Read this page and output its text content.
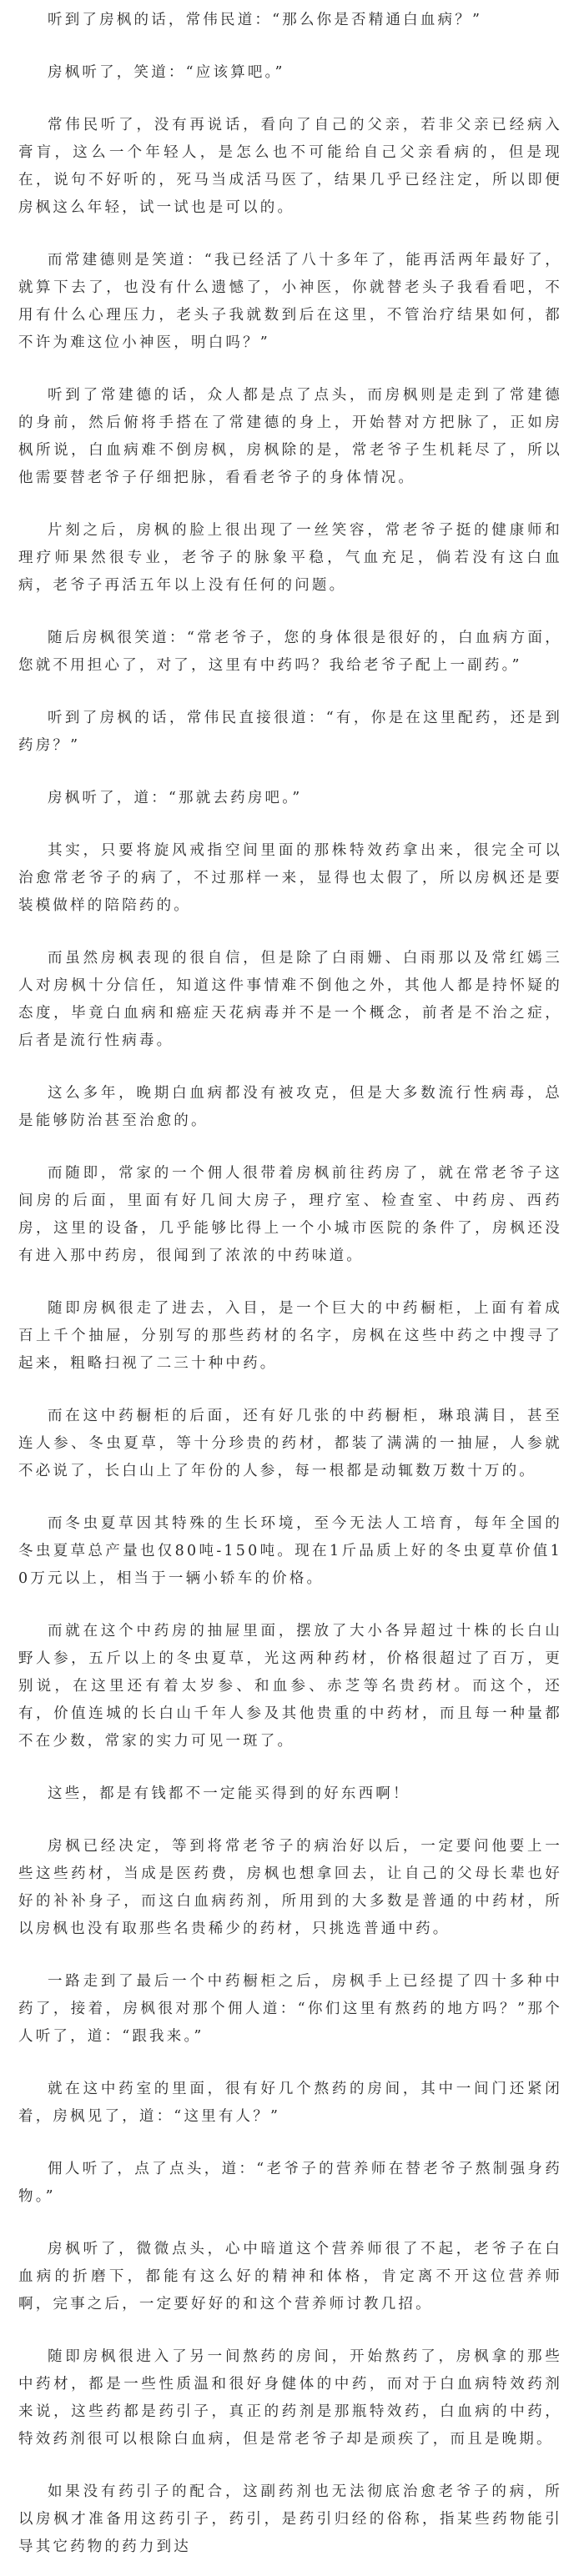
听到了房枫的话，常伟民道：“那么你是否精通白血病？”

房枫听了，笑道：“应该算吧。”

常伟民听了，没有再说话，看向了自己的父亲，若非父亲已经病入膏肓，这么一个年轻人，是怎么也不可能给自己父亲看病的，但是现在，说句不好听的，死马当成活马医了，结果几乎已经注定，所以即便房枫这么年轻，试一试也是可以的。

而常建德则是笑道：“我已经活了八十多年了，能再活两年最好了，就算下去了，也没有什么遗憾了，小神医，你就替老头子我看看吧，不用有什么心理压力，老头子我就数到后在这里，不管治疗结果如何，都不许为难这位小神医，明白吗？”

听到了常建德的话，众人都是点了点头，而房枫则是走到了常建德的身前，然后俯将手搭在了常建德的身上，开始替对方把脉了，正如房枫所说，白血病难不倒房枫，房枫除的是，常老爷子生机耗尽了，所以他需要替老爷子仔细把脉，看看老爷子的身体情况。

片刻之后，房枫的脸上很出现了一丝笑容，常老爷子挺的健康师和理疗师果然很专业，老爷子的脉象平稳，气血充足，倘若没有这白血病，老爷子再活五年以上没有任何的问题。

随后房枫很笑道：“常老爷子，您的身体很是很好的，白血病方面，您就不用担心了，对了，这里有中药吗？我给老爷子配上一副药。”

听到了房枫的话，常伟民直接很道：“有，你是在这里配药，还是到药房？”

房枫听了，道：“那就去药房吧。”

其实，只要将旋风戒指空间里面的那株特效药拿出来，很完全可以治愈常老爷子的病了，不过那样一来，显得也太假了，所以房枫还是要装模做样的陪陪药的。

而虽然房枫表现的很自信，但是除了白雨姗、白雨那以及常红嫣三人对房枫十分信任，知道这件事情难不倒他之外，其他人都是持怀疑的态度，毕竟白血病和癌症天花病毒并不是一个概念，前者是不治之症，后者是流行性病毒。

这么多年，晚期白血病都没有被攻克，但是大多数流行性病毒，总是能够防治甚至治愈的。

而随即，常家的一个佣人很带着房枫前往药房了，就在常老爷子这间房的后面，里面有好几间大房子，理疗室、检查室、中药房、西药房，这里的设备，几乎能够比得上一个小城市医院的条件了，房枫还没有进入那中药房，很闻到了浓浓的中药味道。

随即房枫很走了进去，入目，是一个巨大的中药橱柜，上面有着成百上千个抽屉，分别写的那些药材的名字，房枫在这些中药之中搜寻了起来，粗略扫视了二三十种中药。

而在这中药橱柜的后面，还有好几张的中药橱柜，琳琅满目，甚至连人参、冬虫夏草，等十分珍贵的药材，都装了满满的一抽屉，人参就不必说了，长白山上了年份的人参，每一根都是动辄数万数十万的。

而冬虫夏草因其特殊的生长环境，至今无法人工培育，每年全国的冬虫夏草总产量也仅80吨-150吨。现在1斤品质上好的冬虫夏草价值10万元以上，相当于一辆小轿车的价格。

而就在这个中药房的抽屉里面，摆放了大小各异超过十株的长白山野人参，五斤以上的冬虫夏草，光这两种药材，价格很超过了百万，更别说，在这里还有着太岁参、和血参、赤芝等名贵药材。而这个，还有，价值连城的长白山千年人参及其他贵重的中药材，而且每一种量都不在少数，常家的实力可见一斑了。

这些，都是有钱都不一定能买得到的好东西啊！

房枫已经决定，等到将常老爷子的病治好以后，一定要问他要上一些这些药材，当成是医药费，房枫也想拿回去，让自己的父母长辈也好好的补补身子，而这白血病药剂，所用到的大多数是普通的中药材，所以房枫也没有取那些名贵稀少的药材，只挑选普通中药。

一路走到了最后一个中药橱柜之后，房枫手上已经提了四十多种中药了，接着，房枫很对那个佣人道：“你们这里有熬药的地方吗？”那个人听了，道：“跟我来。”

就在这中药室的里面，很有好几个熬药的房间，其中一间门还紧闭着，房枫见了，道：“这里有人？”

佣人听了，点了点头，道：“老爷子的营养师在替老爷子熬制强身药物。”

房枫听了，微微点头，心中暗道这个营养师很了不起，老爷子在白血病的折磨下，都能有这么好的精神和体格，肯定离不开这位营养师啊，完事之后，一定要好好的和这个营养师讨教几招。

随即房枫很进入了另一间熬药的房间，开始熬药了，房枫拿的那些中药材，都是一些性质温和很好身健体的中药，而对于白血病特效药剂来说，这些药都是药引子，真正的药剂是那瓶特效药，白血病的中药，特效药剂很可以根除白血病，但是常老爷子却是顽疾了，而且是晚期。

如果没有药引子的配合，这副药剂也无法彻底治愈老爷子的病，所以房枫才准备用这药引子，药引，是药引归经的俗称，指某些药物能引导其它药物的药力到达
